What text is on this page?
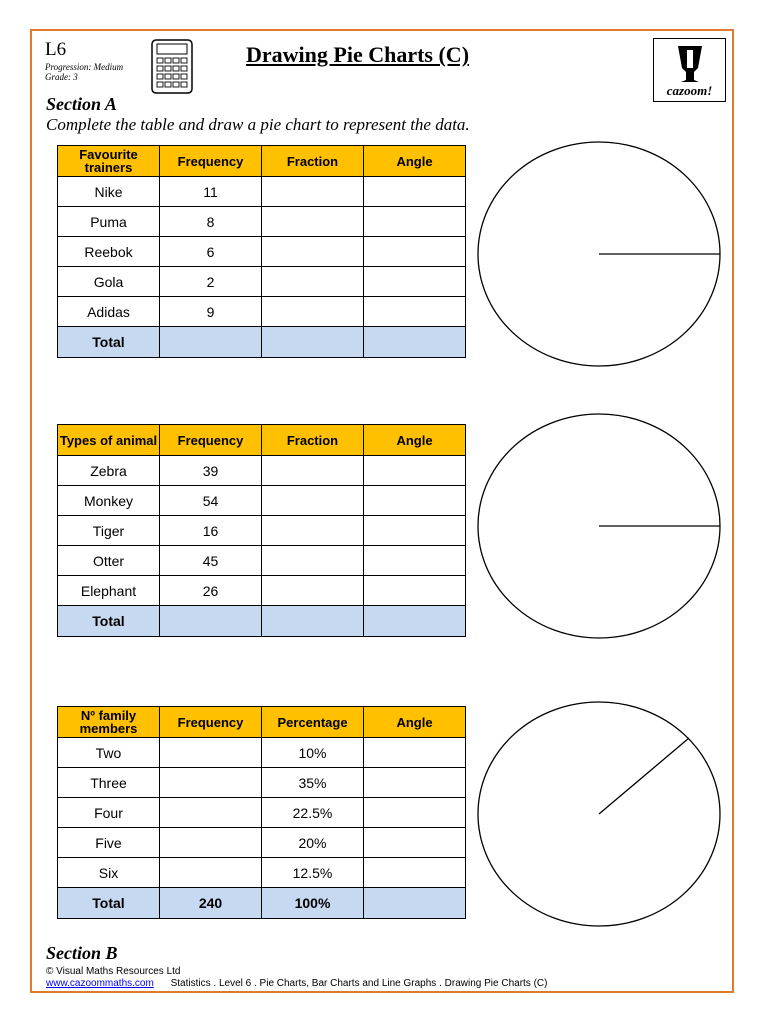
L6
Progression: Medium
Grade: 3
Drawing Pie Charts (C)
cazoom!
Section A
Complete the table and draw a pie chart to represent the data.
Favourite trainers	Frequency	Fraction	Angle
Nike	11		
Puma	8		
Reebok	6		
Gola	2		
Adidas	9		
Total			
Types of animal	Frequency	Fraction	Angle
Zebra	39		
Monkey	54		
Tiger	16		
Otter	45		
Elephant	26		
Total			
Nº family members	Frequency	Percentage	Angle
Two		10%	
Three		35%	
Four		22.5%	
Five		20%	
Six		12.5%	
Total	240	100%	
Section B
© Visual Maths Resources Ltd
www.cazoommaths.com Statistics . Level 6 . Pie Charts, Bar Charts and Line Graphs . Drawing Pie Charts (C)
